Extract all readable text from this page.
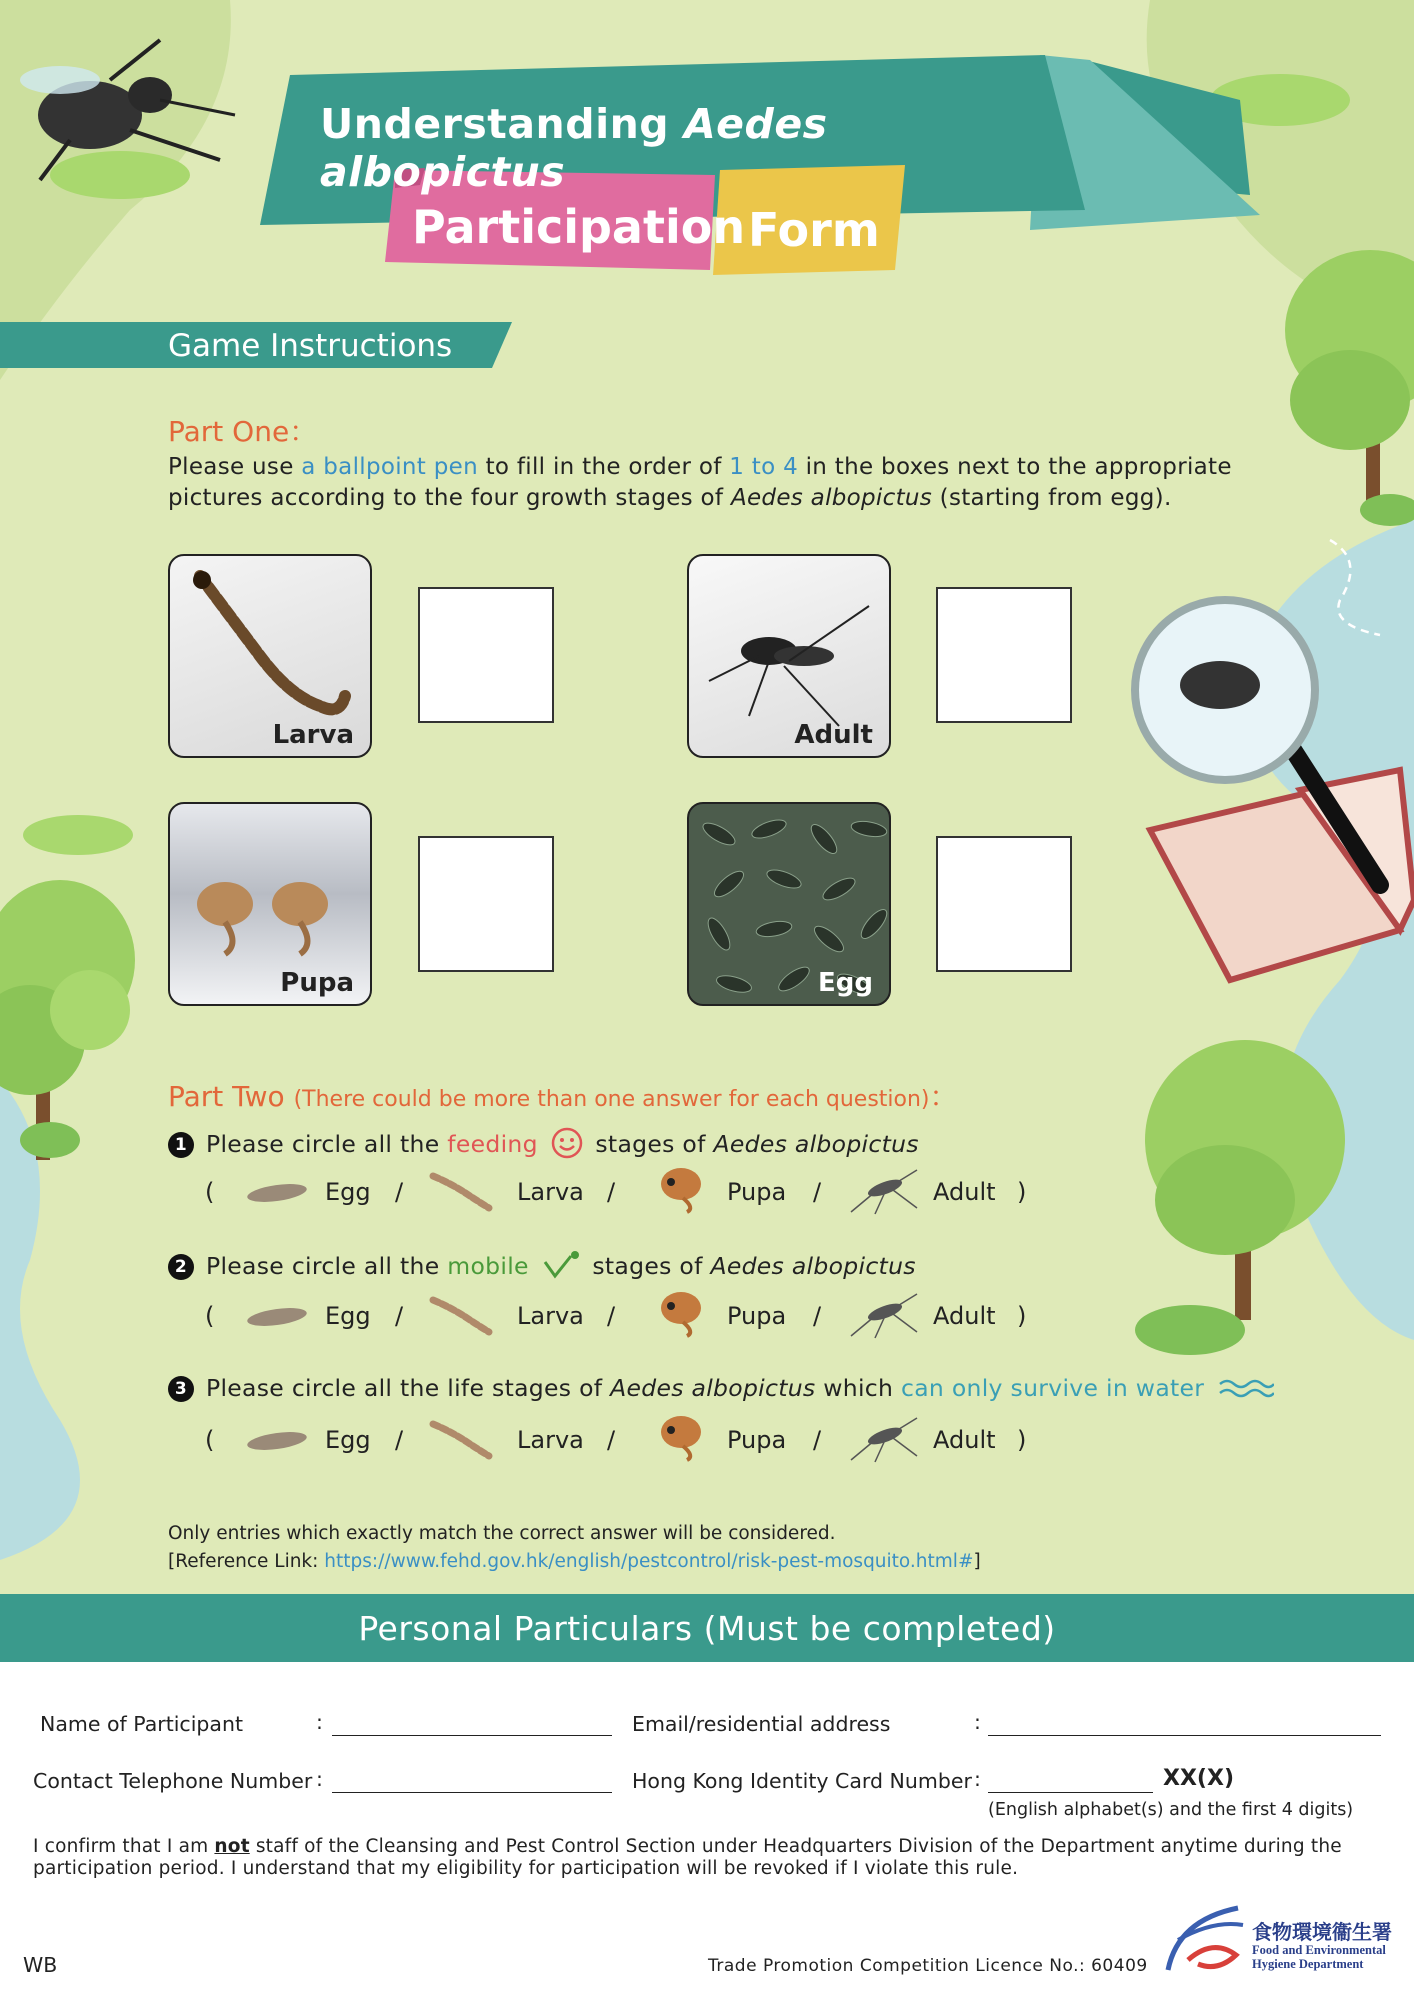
Understanding Aedes albopictus
Participation Form
Game Instructions
Part One：
Please use a ballpoint pen to fill in the order of 1 to 4 in the boxes next to the appropriate
pictures according to the four growth stages of Aedes albopictus (starting from egg).
Larva	Adult
Pupa	Egg
Part Two (There could be more than one answer for each question)：
1 Please circle all the feeding  stages of Aedes albopictus
2 Please circle all the mobile	stages of Aedes albopictus
3 Please circle all the life stages of Aedes albopictus which can only survive in water
(	Egg /	Larva /	Pupa /	Adult )
(	Egg /	Larva /	Pupa /	Adult )
(	Egg /	Larva /	Pupa /	Adult )
Only entries which exactly match the correct answer will be considered.
[Reference Link: https://www.fehd.gov.hk/english/pestcontrol/risk-pest-mosquito.html#]
Personal Particulars (Must be completed)
Name of Participant	:	Email/residential address	:
Contact Telephone Number :	Hong Kong Identity Card Number :	XX(X)
(English alphabet(s) and the first 4 digits)
I confirm that I am not staff of the Cleansing and Pest Control Section under Headquarters Division of the Department anytime during the
participation period. I understand that my eligibility for participation will be revoked if I violate this rule.
WB	Trade Promotion Competition Licence No.: 60409
食物環境衞生署
Food and Environmental
Hygiene Department
